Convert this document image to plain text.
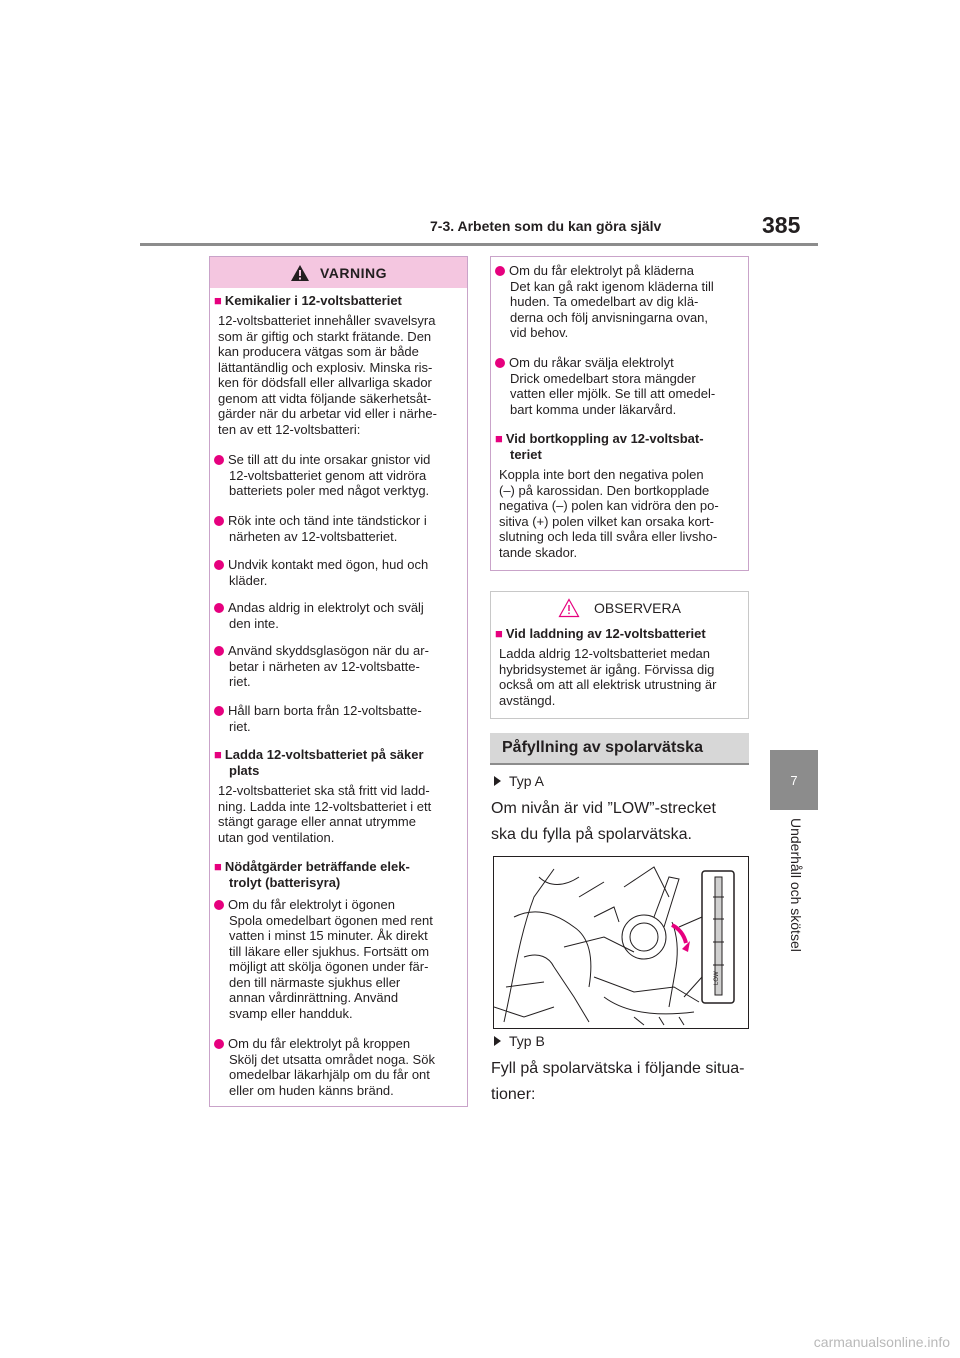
7-3. Arbeten som du kan göra själv	385
7
Underhåll och skötsel
VARNING
■ Kemikalier i 12-voltsbatteriet
12-voltsbatteriet innehåller svavelsyra
som är giftig och starkt frätande. Den
kan producera vätgas som är både
lättantändlig och explosiv. Minska ris-
ken för dödsfall eller allvarliga skador
genom att vidta följande säkerhetsåt-
gärder när du arbetar vid eller i närhe-
ten av ett 12-voltsbatteri:
Se till att du inte orsakar gnistor vid
12-voltsbatteriet genom att vidröra
batteriets poler med något verktyg.
Rök inte och tänd inte tändstickor i
närheten av 12-voltsbatteriet.
Undvik kontakt med ögon, hud och
kläder.
Andas aldrig in elektrolyt och svälj
den inte.
Använd skyddsglasögon när du ar-
betar i närheten av 12-voltsbatte-
riet.
Håll barn borta från 12-voltsbatte-
riet.
■ Ladda 12-voltsbatteriet på säker
plats
12-voltsbatteriet ska stå fritt vid ladd-
ning. Ladda inte 12-voltsbatteriet i ett
stängt garage eller annat utrymme
utan god ventilation.
■ Nödåtgärder beträffande elek-
trolyt (batterisyra)
Om du får elektrolyt i ögonen
Spola omedelbart ögonen med rent
vatten i minst 15 minuter. Åk direkt
till läkare eller sjukhus. Fortsätt om
möjligt att skölja ögonen under fär-
den till närmaste sjukhus eller
annan vårdinrättning. Använd
svamp eller handduk.
Om du får elektrolyt på kroppen
Skölj det utsatta området noga. Sök
omedelbar läkarhjälp om du får ont
eller om huden känns bränd.
Om du får elektrolyt på kläderna
Det kan gå rakt igenom kläderna till
huden. Ta omedelbart av dig klä-
derna och följ anvisningarna ovan,
vid behov.
Om du råkar svälja elektrolyt
Drick omedelbart stora mängder
vatten eller mjölk. Se till att omedel-
bart komma under läkarvård.
■ Vid bortkoppling av 12-voltsbat-
teriet
Koppla inte bort den negativa polen
(–) på karossidan. Den bortkopplade
negativa (–) polen kan vidröra den po-
sitiva (+) polen vilket kan orsaka kort-
slutning och leda till svåra eller livsho-
tande skador.
OBSERVERA
■ Vid laddning av 12-voltsbatteriet
Ladda aldrig 12-voltsbatteriet medan
hybridsystemet är igång. Förvissa dig
också om att all elektrisk utrustning är
avstängd.
Påfyllning av spolarvätska
Typ A
Om nivån är vid ”LOW”-strecket
ska du fylla på spolarvätska.
LOW
Typ B
Fyll på spolarvätska i följande situa-
tioner:
carmanualsonline.info
